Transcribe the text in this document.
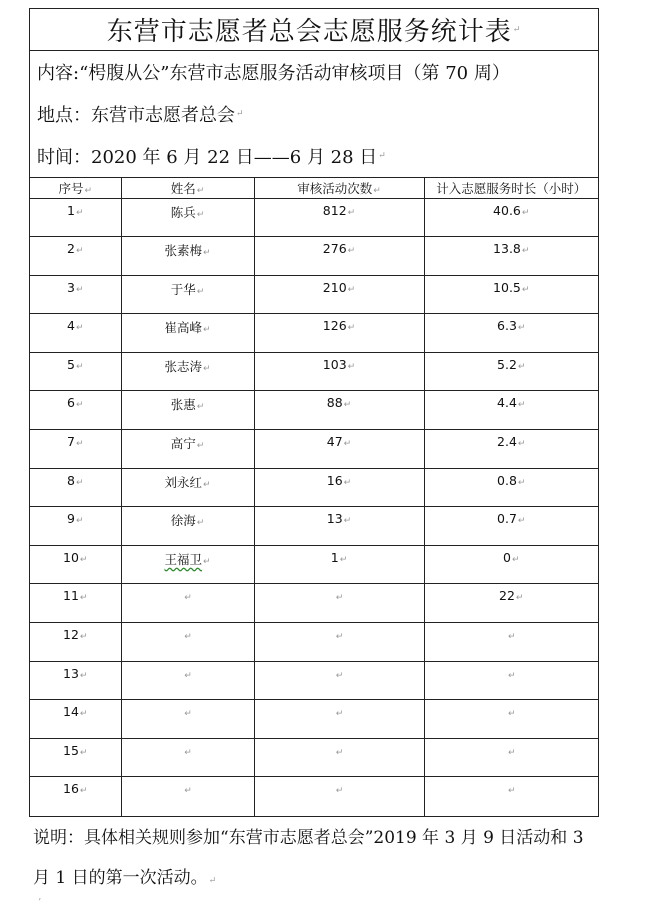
东营市志愿者总会志愿服务统计表 ↵
内容:“枵腹从公”东营市志愿服务活动审核项目（第 70 周）
地点：东营市志愿者总会 ↵
时间：2020 年 6 月 22 日——6 月 28 日 ↵
序号↵	姓名↵	审核活动次数↵	计入志愿服务时长（小时）
1↵	陈兵↵	812↵	40.6↵
2↵	张素梅↵	276↵	13.8↵
3↵	于华↵	210↵	10.5↵
4↵	崔高峰↵	126↵	6.3↵
5↵	张志涛↵	103↵	5.2↵
6↵	张惠↵	88↵	4.4↵
7↵	高宁↵	47↵	2.4↵
8↵	刘永红↵	16↵	0.8↵
9↵	徐海↵	13↵	0.7↵
10↵	王福卫↵	1↵	0↵
11↵	↵	↵	22↵
12↵	↵	↵	↵
13↵	↵	↵	↵
14↵	↵	↵	↵
15↵	↵	↵	↵
16↵	↵	↵	↵
说明：具体相关规则参加“东营市志愿者总会”2019 年 3 月 9 日活动和 3 月 1 日的第一次活动。↵
ʼ
